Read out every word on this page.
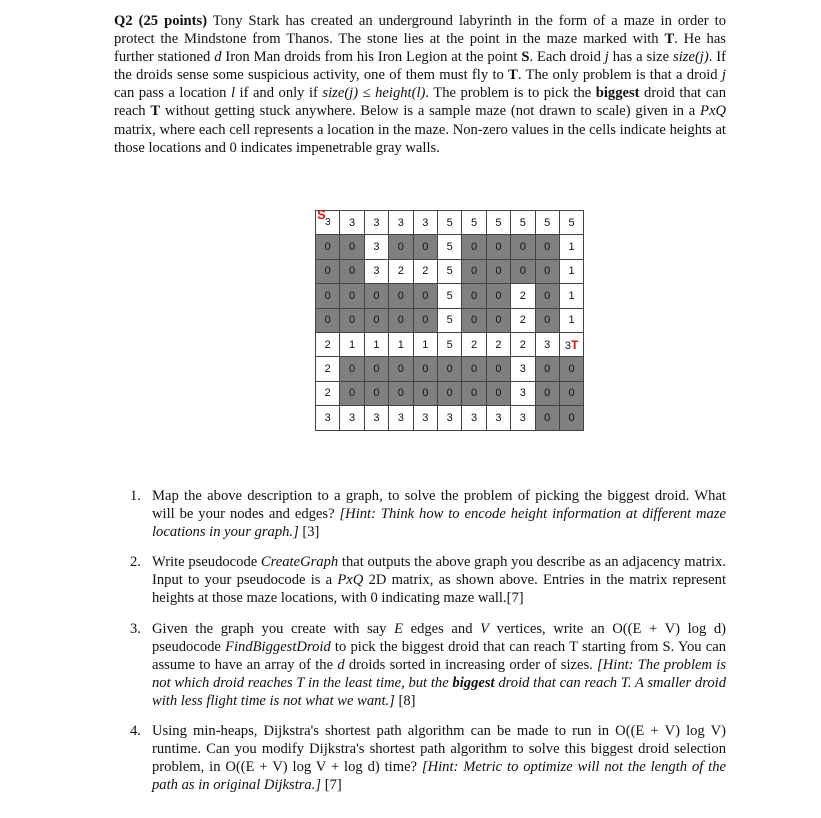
Q2 (25 points) Tony Stark has created an underground labyrinth in the form of a maze in order to protect the Mindstone from Thanos. The stone lies at the point in the maze marked with T. He has further stationed d Iron Man droids from his Iron Legion at the point S. Each droid j has a size size(j). If the droids sense some suspicious activity, one of them must fly to T. The only problem is that a droid j can pass a location l if and only if size(j) ≤ height(l). The problem is to pick the biggest droid that can reach T without getting stuck anywhere. Below is a sample maze (not drawn to scale) given in a PxQ matrix, where each cell represents a location in the maze. Non-zero values in the cells indicate heights at those locations and 0 indicates impenetrable gray walls.

S
3	3	3	3	3	5	5	5	5	5	5
0	0	3	0	0	5	0	0	0	0	1
0	0	3	2	2	5	0	0	0	0	1
0	0	0	0	0	5	0	0	2	0	1
0	0	0	0	0	5	0	0	2	0	1
2	1	1	1	1	5	2	2	2	3	3T
2	0	0	0	0	0	0	0	3	0	0
2	0	0	0	0	0	0	0	3	0	0
3	3	3	3	3	3	3	3	3	0	0
1. Map the above description to a graph, to solve the problem of picking the biggest droid. What will be your nodes and edges? [Hint: Think how to encode height information at different maze locations in your graph.] [3]
2. Write pseudocode CreateGraph that outputs the above graph you describe as an adjacency matrix. Input to your pseudocode is a PxQ 2D matrix, as shown above. Entries in the matrix represent heights at those maze locations, with 0 indicating maze wall.[7]
3. Given the graph you create with say E edges and V vertices, write an O((E + V) log d) pseudocode FindBiggestDroid to pick the biggest droid that can reach T starting from S. You can assume to have an array of the d droids sorted in increasing order of sizes. [Hint: The problem is not which droid reaches T in the least time, but the biggest droid that can reach T. A smaller droid with less flight time is not what we want.] [8]
4. Using min-heaps, Dijkstra's shortest path algorithm can be made to run in O((E + V) log V) runtime. Can you modify Dijkstra's shortest path algorithm to solve this biggest droid selection problem, in O((E + V) log V + log d) time? [Hint: Metric to optimize will not the length of the path as in original Dijkstra.] [7]
